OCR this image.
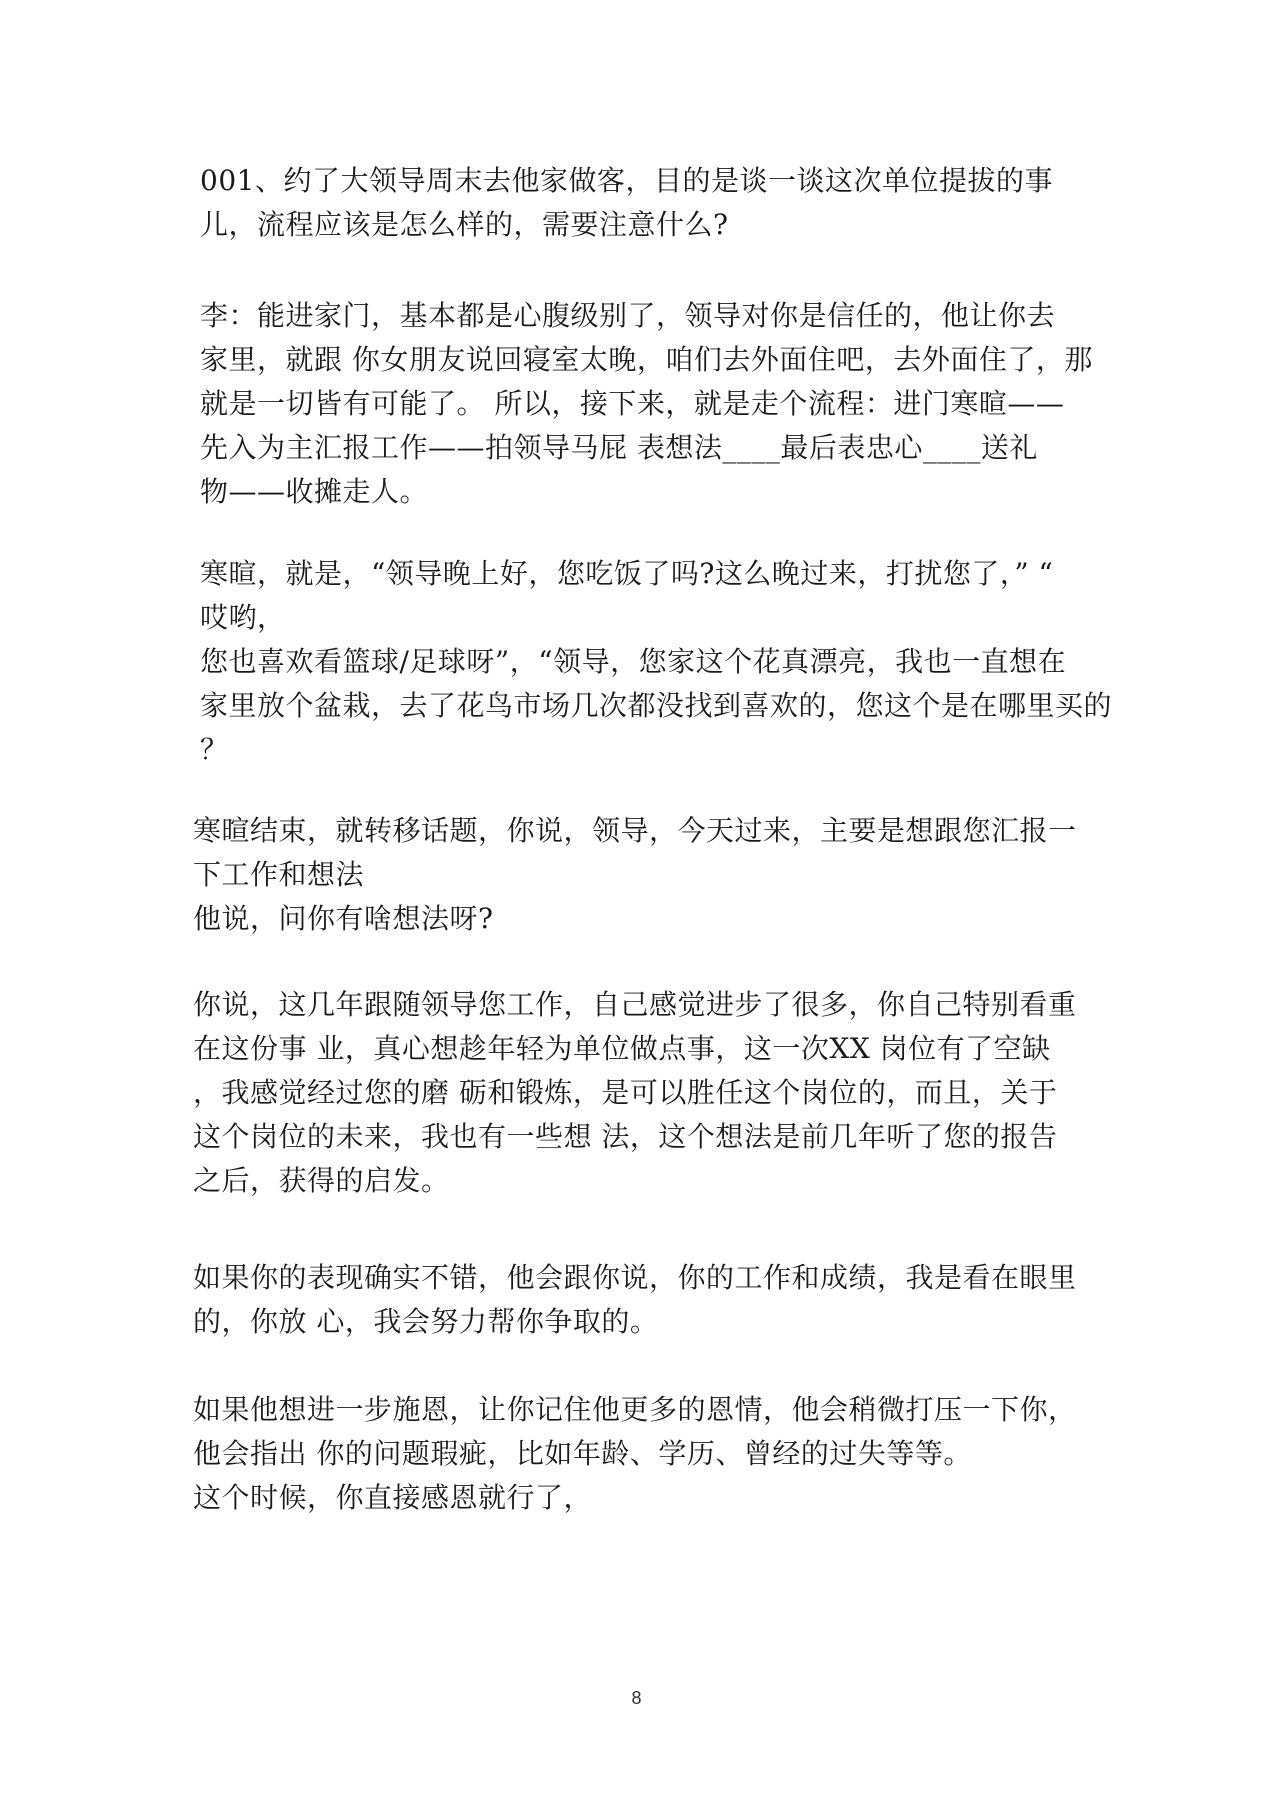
001、约了大领导周末去他家做客，目的是谈一谈这次单位提拔的事
儿，流程应该是怎么样的，需要注意什么?
李：能进家门，基本都是心腹级别了，领导对你是信任的，他让你去
家里，就跟 你女朋友说回寝室太晚，咱们去外面住吧，去外面住了，那
就是一切皆有可能了。 所以，接下来，就是走个流程：进门寒暄——
先入为主汇报工作——拍领导马屁 表想法____最后表忠心____送礼
物——收摊走人。
寒暄，就是，“领导晚上好，您吃饭了吗?这么晚过来，打扰您了，” “
哎哟，
您也喜欢看篮球/足球呀”，“领导，您家这个花真漂亮，我也一直想在
家里放个盆栽，去了花鸟市场几次都没找到喜欢的，您这个是在哪里买的
？
寒暄结束，就转移话题，你说，领导，今天过来，主要是想跟您汇报一
下工作和想法
他说，问你有啥想法呀?
你说，这几年跟随领导您工作，自己感觉进步了很多，你自己特别看重
在这份事 业，真心想趁年轻为单位做点事，这一次XX 岗位有了空缺
，我感觉经过您的磨 砺和锻炼，是可以胜任这个岗位的，而且，关于
这个岗位的未来，我也有一些想 法，这个想法是前几年听了您的报告
之后，获得的启发。
如果你的表现确实不错，他会跟你说，你的工作和成绩，我是看在眼里
的，你放 心，我会努力帮你争取的。
如果他想进一步施恩，让你记住他更多的恩情，他会稍微打压一下你，
他会指出 你的问题瑕疵，比如年龄、学历、曾经的过失等等。
这个时候，你直接感恩就行了，
8
